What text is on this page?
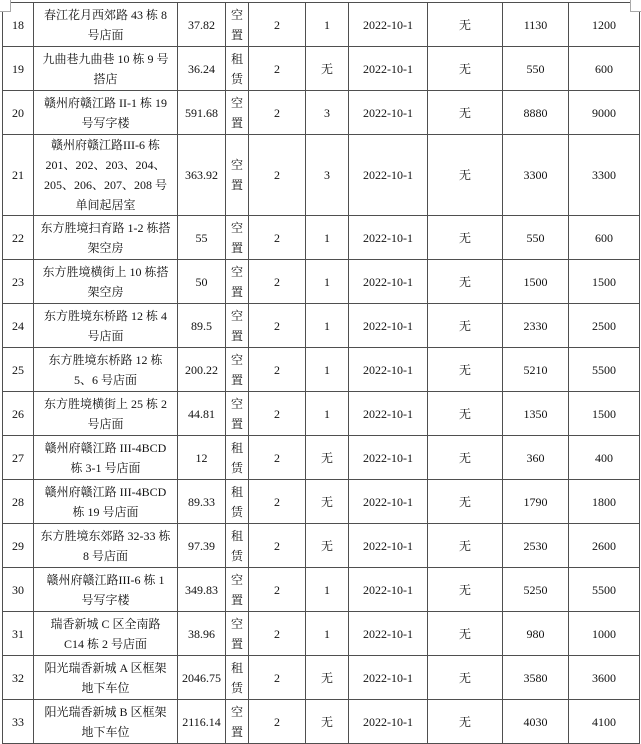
18	春江花月西郊路 43 栋 8 号店面	37.82	空置	2	1	2022-10-1	无	1130	1200
19	九曲巷九曲巷 10 栋 9 号搭店	36.24	租赁	2	无	2022-10-1	无	550	600
20	赣州府赣江路 II-1 栋 19 号写字楼	591.68	空置	2	3	2022-10-1	无	8880	9000
21	赣州府赣江路III-6 栋 201、202、203、204、205、206、207、208 号单间起居室	363.92	空置	2	3	2022-10-1	无	3300	3300
22	东方胜境扫育路 1-2 栋搭架空房	55	空置	2	1	2022-10-1	无	550	600
23	东方胜境横街上 10 栋搭架空房	50	空置	2	1	2022-10-1	无	1500	1500
24	东方胜境东桥路 12 栋 4 号店面	89.5	空置	2	1	2022-10-1	无	2330	2500
25	东方胜境东桥路 12 栋 5、6 号店面	200.22	空置	2	1	2022-10-1	无	5210	5500
26	东方胜境横街上 25 栋 2 号店面	44.81	空置	2	1	2022-10-1	无	1350	1500
27	赣州府赣江路 III-4BCD 栋 3-1 号店面	12	租赁	2	无	2022-10-1	无	360	400
28	赣州府赣江路 III-4BCD 栋 19 号店面	89.33	租赁	2	无	2022-10-1	无	1790	1800
29	东方胜境东郊路 32-33 栋 8 号店面	97.39	租赁	2	无	2022-10-1	无	2530	2600
30	赣州府赣江路III-6 栋 1 号写字楼	349.83	空置	2	1	2022-10-1	无	5250	5500
31	瑞香新城 C 区全南路 C14 栋 2 号店面	38.96	空置	2	1	2022-10-1	无	980	1000
32	阳光瑞香新城 A 区框架地下车位	2046.75	租赁	2	无	2022-10-1	无	3580	3600
33	阳光瑞香新城 B 区框架地下车位	2116.14	空置	2	无	2022-10-1	无	4030	4100
